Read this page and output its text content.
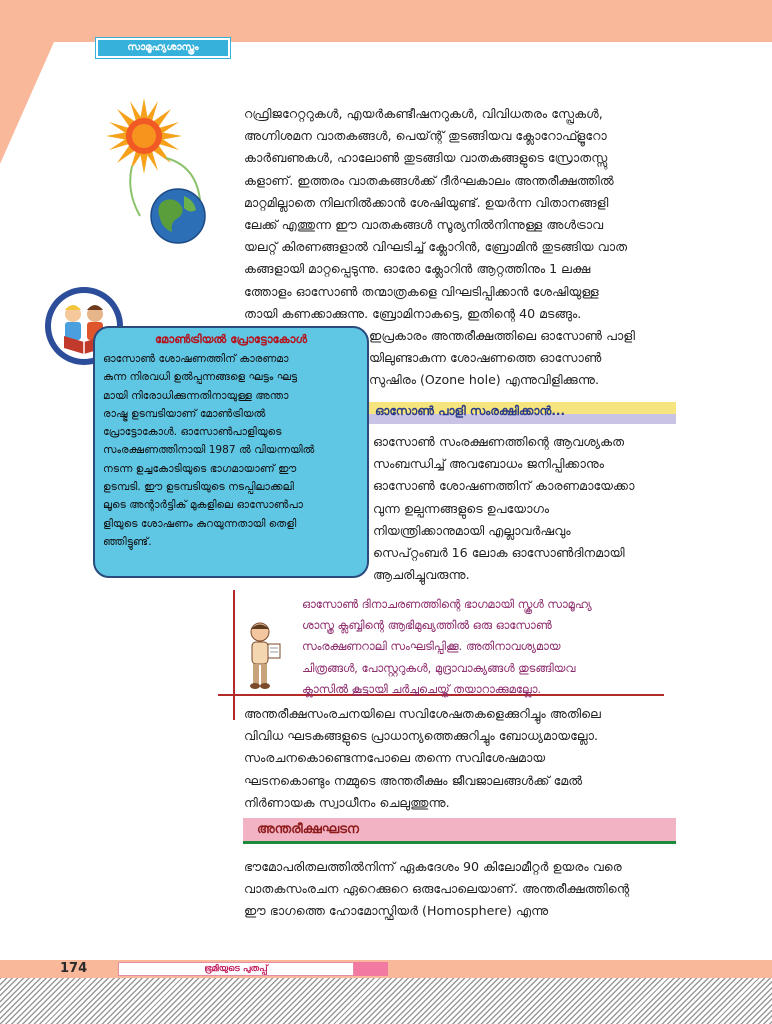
സാമൂഹ്യശാസ്ത്രം
റഫ്രിജറേറ്ററുകൾ, എയർകണ്ടീഷനറുകൾ, വിവിധതരം സ്പ്രേകൾ,
അഗ്നിശമന വാതകങ്ങൾ, പെയ്ന്റ് തുടങ്ങിയവ ക്ലോറോഫ്ളൂറോ
കാർബണുകൾ, ഹാലോൺ തുടങ്ങിയ വാതകങ്ങളുടെ സ്രോതസ്സു
കളാണ്. ഇത്തരം വാതകങ്ങൾക്ക് ദീർഘകാലം അന്തരീക്ഷത്തിൽ
മാറ്റമില്ലാതെ നിലനിൽക്കാൻ ശേഷിയുണ്ട്. ഉയർന്ന വിതാനങ്ങളി
ലേക്ക് എത്തുന്ന ഈ വാതകങ്ങൾ സൂര്യനിൽനിന്നുള്ള അൾട്രാവ
യലറ്റ് കിരണങ്ങളാൽ വിഘടിച്ച് ക്ലോറിൻ, ബ്രോമിൻ തുടങ്ങിയ വാത
കങ്ങളായി മാറ്റപ്പെടുന്നു. ഓരോ ക്ലോറിൻ ആറ്റത്തിനും 1 ലക്ഷ
ത്തോളം ഓസോൺ തന്മാത്രകളെ വിഘടിപ്പിക്കാൻ ശേഷിയുള്ള
തായി കണക്കാക്കുന്നു. ബ്രോമിനാകട്ടെ, ഇതിന്റെ 40 മടങ്ങും.
ഇപ്രകാരം അന്തരീക്ഷത്തിലെ ഓസോൺ പാളി
യിലുണ്ടാകുന്ന ശോഷണത്തെ ഓസോൺ
സുഷിരം (Ozone hole) എന്നുവിളിക്കുന്നു.
മോൺട്രിയൽ പ്രോട്ടോകോൾ
ഓസോൺ ശോഷണത്തിന് കാരണമാ
കുന്ന നിരവധി ഉൽപ്പന്നങ്ങളെ ഘട്ടം ഘട്ട
മായി നിരോധിക്കുന്നതിനായുള്ള അന്താ
രാഷ്ട്ര ഉടമ്പടിയാണ് മോൺട്രിയൽ
പ്രോട്ടോകോൾ. ഓസോൺപാളിയുടെ
സംരക്ഷണത്തിനായി 1987 ൽ വിയന്നയിൽ
നടന്ന ഉച്ചകോടിയുടെ ഭാഗമായാണ് ഈ
ഉടമ്പടി. ഈ ഉടമ്പടിയുടെ നടപ്പിലാക്കലി
ലൂടെ അന്റാർട്ടിക് മുകളിലെ ഓസോൺപാ
ളിയുടെ ശോഷണം കുറയുന്നതായി തെളി
ഞ്ഞിട്ടുണ്ട്.
ഓസോൺ പാളി സംരക്ഷിക്കാൻ...
ഓസോൺ സംരക്ഷണത്തിന്റെ ആവശ്യകത
സംബന്ധിച്ച് അവബോധം ജനിപ്പിക്കാനും
ഓസോൺ ശോഷണത്തിന് കാരണമായേക്കാ
വുന്ന ഉല്പന്നങ്ങളുടെ ഉപയോഗം
നിയന്ത്രിക്കാനുമായി എല്ലാവർഷവും
സെപ്റ്റംബർ 16 ലോക ഓസോൺദിനമായി
ആചരിച്ചുവരുന്നു.
ഓസോൺ ദിനാചരണത്തിന്റെ ഭാഗമായി സ്കൂൾ സാമൂഹ്യ
ശാസ്ത്ര ക്ലബ്ബിന്റെ ആഭിമുഖ്യത്തിൽ ഒരു ഓസോൺ
സംരക്ഷണറാലി സംഘടിപ്പിക്കൂ. അതിനാവശ്യമായ
ചിത്രങ്ങൾ, പോസ്റ്ററുകൾ, മുദ്രാവാക്യങ്ങൾ തുടങ്ങിയവ
ക്ലാസിൽ കൂട്ടായി ചർച്ചചെയ്ത് തയാറാക്കുമല്ലോ.
അന്തരീക്ഷസംരചനയിലെ സവിശേഷതകളെക്കുറിച്ചും അതിലെ
വിവിധ ഘടകങ്ങളുടെ പ്രാധാന്യത്തെക്കുറിച്ചും ബോധ്യമായല്ലോ.
സംരചനകൊണ്ടെന്നപോലെ തന്നെ സവിശേഷമായ
ഘടനകൊണ്ടും നമ്മുടെ അന്തരീക്ഷം ജീവജാലങ്ങൾക്ക് മേൽ
നിർണായക സ്വാധീനം ചെലുത്തുന്നു.
അന്തരീക്ഷഘടന
ഭൗമോപരിതലത്തിൽനിന്ന് ഏകദേശം 90 കിലോമീറ്റർ ഉയരം വരെ
വാതകസംരചന ഏറെക്കുറെ ഒരുപോലെയാണ്. അന്തരീക്ഷത്തിന്റെ
ഈ ഭാഗത്തെ ഹോമോസ്ഫിയർ (Homosphere) എന്നു
174	ഭൂമിയുടെ പുതപ്പ്
